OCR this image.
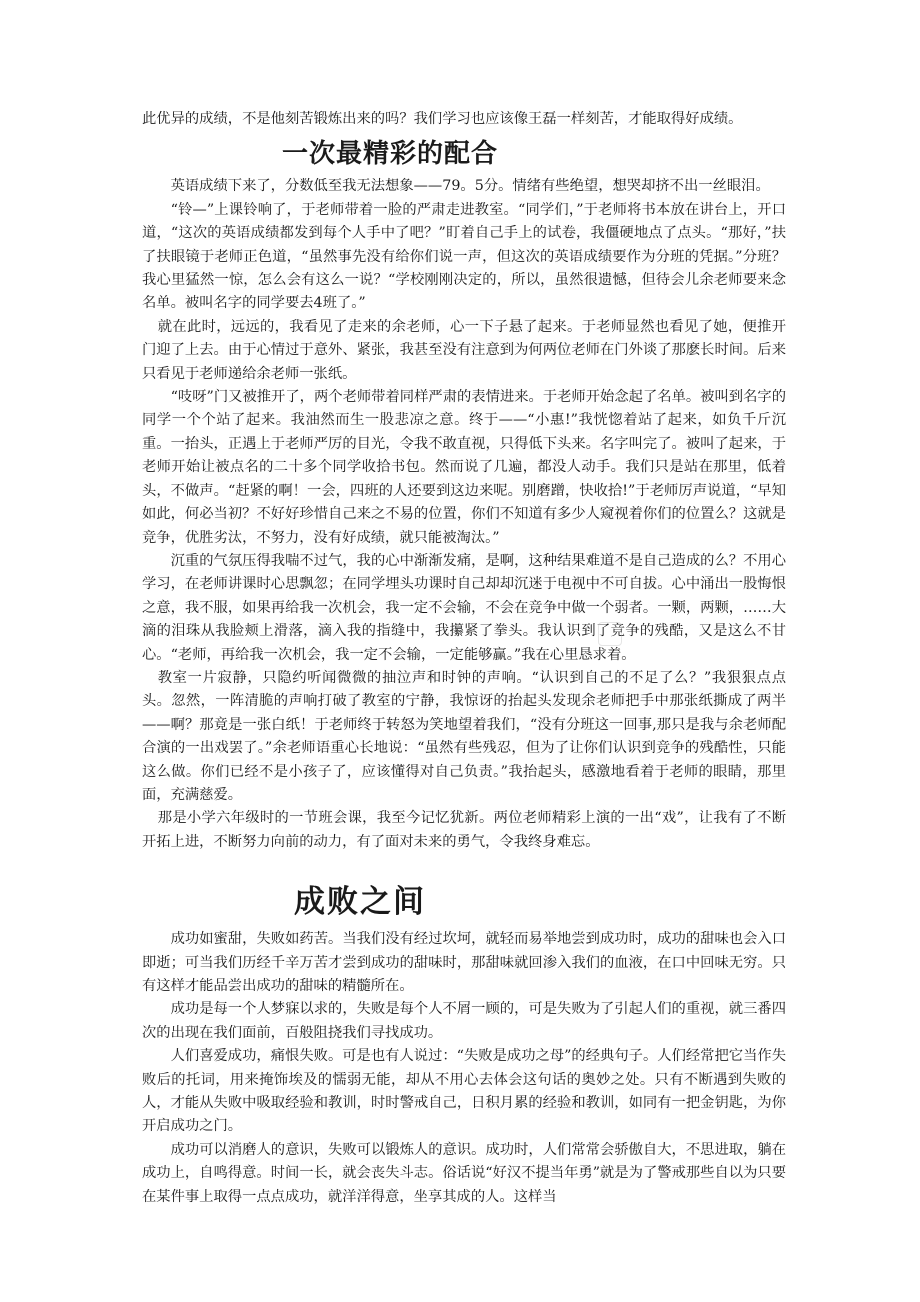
此优异的成绩，不是他刻苦锻炼出来的吗？我们学习也应该像王磊一样刻苦，才能取得好成绩。

一次最精彩的配合

英语成绩下来了，分数低至我无法想象——79。5分。情绪有些绝望，想哭却挤不出一丝眼泪。

“铃—”上课铃响了，于老师带着一脸的严肃走进教室。“同学们，”于老师将书本放在讲台上，开口道，“这次的英语成绩都发到每个人手中了吧？”盯着自己手上的试卷，我僵硬地点了点头。“那好，”扶了扶眼镜于老师正色道，“虽然事先没有给你们说一声，但这次的英语成绩要作为分班的凭据。”分班？我心里猛然一惊，怎么会有这么一说？“学校刚刚决定的，所以，虽然很遗憾，但待会儿余老师要来念名单。被叫名字的同学要去4班了。”

就在此时，远远的，我看见了走来的余老师，心一下子悬了起来。于老师显然也看见了她，便推开门迎了上去。由于心情过于意外、紧张，我甚至没有注意到为何两位老师在门外谈了那麽长时间。后来只看见于老师递给余老师一张纸。

“吱呀”门又被推开了，两个老师带着同样严肃的表情进来。于老师开始念起了名单。被叫到名字的同学一个个站了起来。我油然而生一股悲凉之意。终于——“小惠!”我恍惚着站了起来，如负千斤沉重。一抬头，正遇上于老师严厉的目光，令我不敢直视，只得低下头来。名字叫完了。被叫了起来，于老师开始让被点名的二十多个同学收拾书包。然而说了几遍，都没人动手。我们只是站在那里，低着头，不做声。“赶紧的啊！一会，四班的人还要到这边来呢。别磨蹭，快收拾!”于老师厉声说道，“早知如此，何必当初？不好好珍惜自己来之不易的位置，你们不知道有多少人窥视着你们的位置么？这就是竞争，优胜劣汰，不努力，没有好成绩，就只能被淘汰。”

沉重的气氛压得我喘不过气，我的心中渐渐发痛，是啊，这种结果难道不是自己造成的么？不用心学习，在老师讲课时心思飘忽；在同学埋头功课时自己却却沉迷于电视中不可自拔。心中涌出一股悔恨之意，我不服，如果再给我一次机会，我一定不会输，不会在竞争中做一个弱者。一颗，两颗，……大滴的泪珠从我脸颊上滑落，滴入我的指缝中，我攥紧了拳头。我认识到了竞争的残酷，又是这么不甘心。“老师，再给我一次机会，我一定不会输，一定能够赢。”我在心里恳求着。

教室一片寂静，只隐约听闻微微的抽泣声和时钟的声响。“认识到自己的不足了么？”我狠狠点点头。忽然，一阵清脆的声响打破了教室的宁静，我惊讶的抬起头发现余老师把手中那张纸撕成了两半——啊？那竟是一张白纸！于老师终于转怒为笑地望着我们，“没有分班这一回事,那只是我与余老师配合演的一出戏罢了。”余老师语重心长地说：“虽然有些残忍，但为了让你们认识到竞争的残酷性，只能这么做。你们已经不是小孩子了，应该懂得对自己负责。”我抬起头，感激地看着于老师的眼睛，那里面，充满慈爱。

那是小学六年级时的一节班会课，我至今记忆犹新。两位老师精彩上演的一出“戏”，让我有了不断开拓上进，不断努力向前的动力，有了面对未来的勇气，令我终身难忘。

成败之间

成功如蜜甜，失败如药苦。当我们没有经过坎坷，就轻而易举地尝到成功时，成功的甜味也会入口即逝；可当我们历经千辛万苦才尝到成功的甜味时，那甜味就回渗入我们的血液，在口中回味无穷。只有这样才能品尝出成功的甜味的精髓所在。

成功是每一个人梦寐以求的，失败是每个人不屑一顾的，可是失败为了引起人们的重视，就三番四次的出现在我们面前，百般阻挠我们寻找成功。

人们喜爱成功，痛恨失败。可是也有人说过：“失败是成功之母”的经典句子。人们经常把它当作失败后的托词，用来掩饰埃及的懦弱无能，却从不用心去体会这句话的奥妙之处。只有不断遇到失败的人，才能从失败中吸取经验和教训，时时警戒自己，日积月累的经验和教训，如同有一把金钥匙，为你开启成功之门。

成功可以消磨人的意识，失败可以锻炼人的意识。成功时，人们常常会骄傲自大，不思进取，躺在成功上，自鸣得意。时间一长，就会丧失斗志。俗话说“好汉不提当年勇”就是为了警戒那些自以为只要在某件事上取得一点点成功，就洋洋得意，坐享其成的人。这样当
